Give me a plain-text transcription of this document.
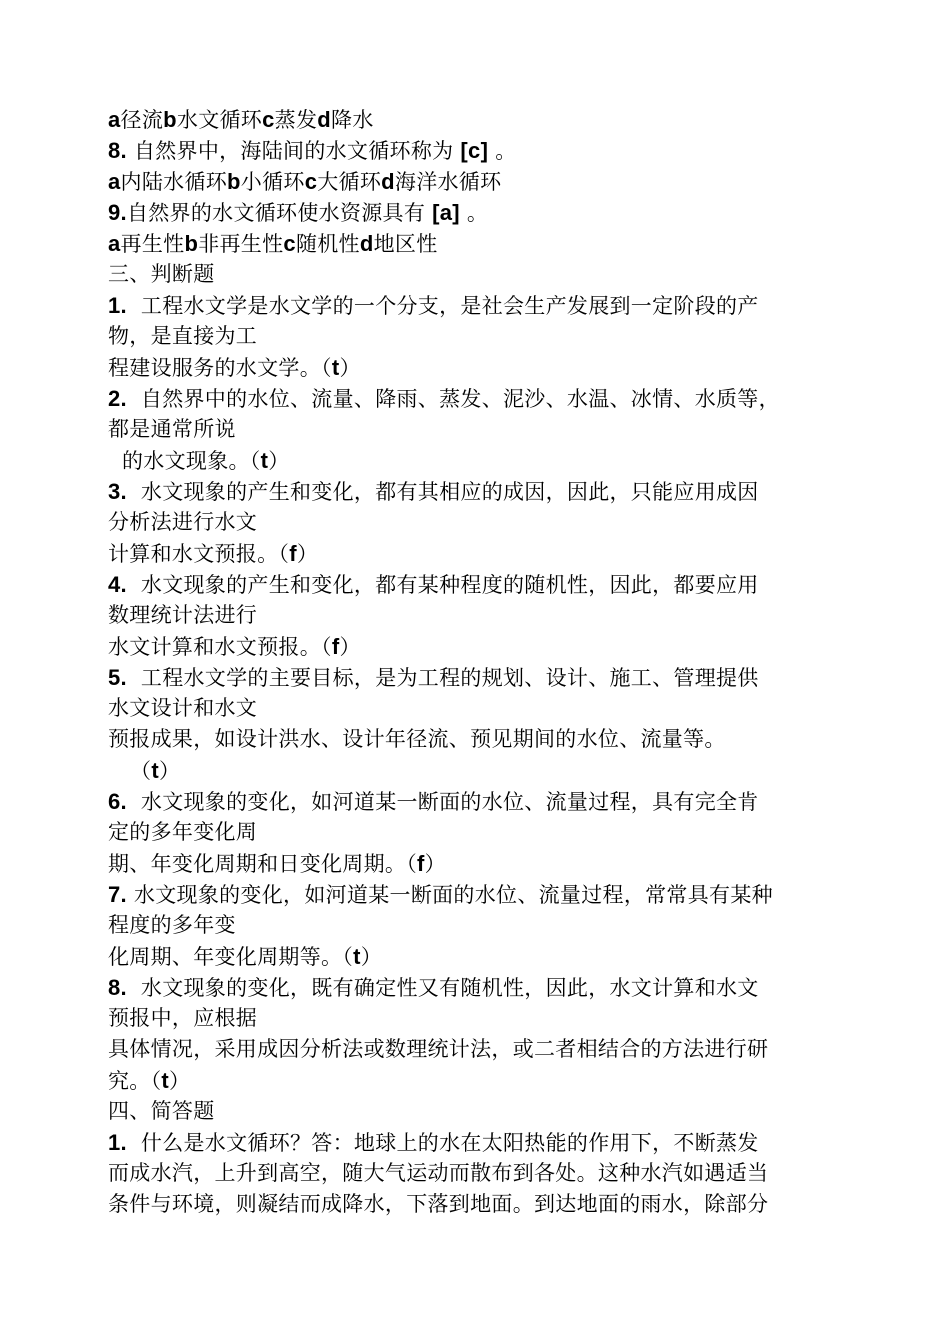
a径流b水文循环c蒸发d降水
8. 自然界中，海陆间的水文循环称为 [c] 。
a内陆水循环b小循环c大循环d海洋水循环
9.自然界的水文循环使水资源具有 [a] 。
a再生性b非再生性c随机性d地区性
三、判断题
1. 工程水文学是水文学的一个分支，是社会生产发展到一定阶段的产
物，是直接为工
程建设服务的水文学。（t）
2. 自然界中的水位、流量、降雨、蒸发、泥沙、水温、冰情、水质等，
都是通常所说
的水文现象。（t）
3. 水文现象的产生和变化，都有其相应的成因，因此，只能应用成因
分析法进行水文
计算和水文预报。（f）
4. 水文现象的产生和变化，都有某种程度的随机性，因此，都要应用
数理统计法进行
水文计算和水文预报。（f）
5. 工程水文学的主要目标，是为工程的规划、设计、施工、管理提供
水文设计和水文
预报成果，如设计洪水、设计年径流、预见期间的水位、流量等。
（t）
6. 水文现象的变化，如河道某一断面的水位、流量过程，具有完全肯
定的多年变化周
期、年变化周期和日变化周期。（f）
7. 水文现象的变化，如河道某一断面的水位、流量过程，常常具有某种
程度的多年变
化周期、年变化周期等。（t）
8. 水文现象的变化，既有确定性又有随机性，因此，水文计算和水文
预报中，应根据
具体情况，采用成因分析法或数理统计法，或二者相结合的方法进行研
究。（t）
四、简答题
1. 什么是水文循环？答：地球上的水在太阳热能的作用下，不断蒸发
而成水汽，上升到高空，随大气运动而散布到各处。这种水汽如遇适当
条件与环境，则凝结而成降水，下落到地面。到达地面的雨水，除部分
